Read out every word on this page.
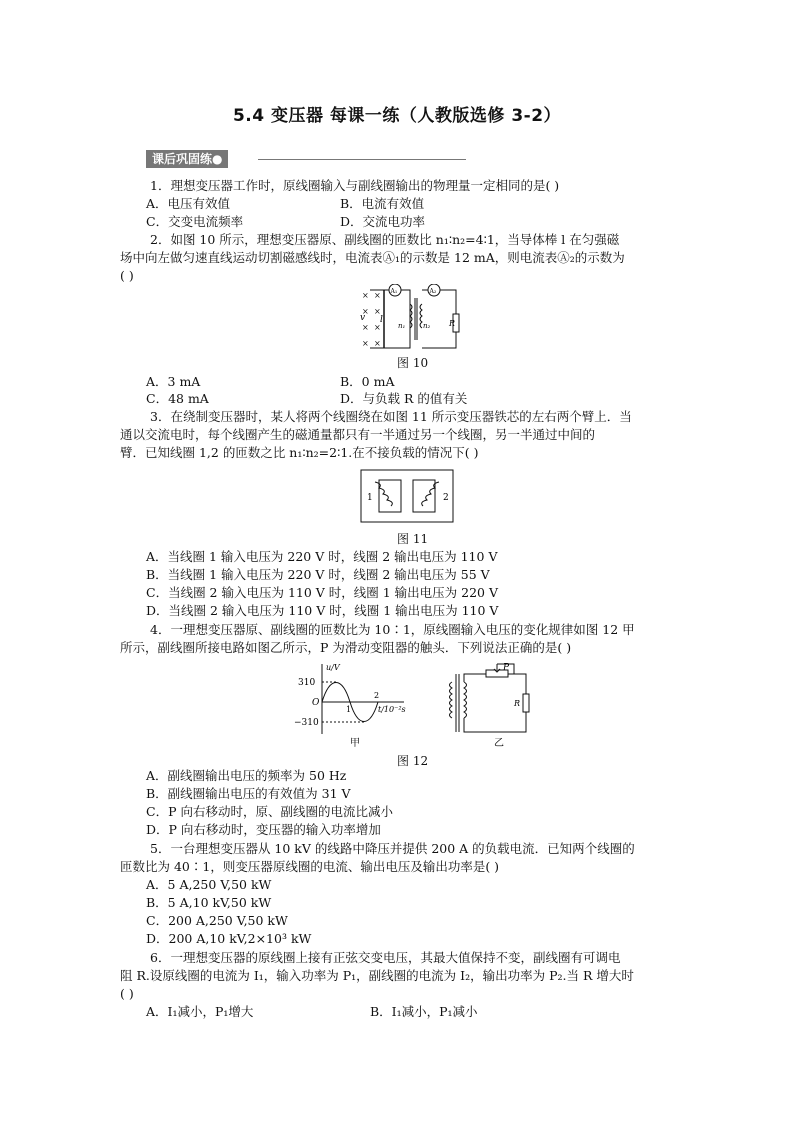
5.4 变压器 每课一练（人教版选修 3-2）
课后巩固练●
1．理想变压器工作时，原线圈输入与副线圈输出的物理量一定相同的是( )
A．电压有效值	B．电流有效值
C．交变电流频率	D．交流电功率
2．如图 10 所示，理想变压器原、副线圈的匝数比 n₁∶n₂=4∶1，当导体棒 l 在匀强磁
场中向左做匀速直线运动切割磁感线时，电流表Ⓐ₁的示数是 12 mA，则电流表Ⓐ₂的示数为
( )
× ×
× ×
× ×
× ×
l
v
A₁
n₁	n₂
A₂
R
图 10
A．3 mA	B．0 mA
C．48 mA	D．与负载 R 的值有关
3．在绕制变压器时，某人将两个线圈绕在如图 11 所示变压器铁芯的左右两个臂上．当
通以交流电时，每个线圈产生的磁通量都只有一半通过另一个线圈，另一半通过中间的
臂．已知线圈 1,2 的匝数之比 n₁∶n₂=2∶1.在不接负载的情况下( )
1	2
图 11
A．当线圈 1 输入电压为 220 V 时，线圈 2 输出电压为 110 V
B．当线圈 1 输入电压为 220 V 时，线圈 2 输出电压为 55 V
C．当线圈 2 输入电压为 110 V 时，线圈 1 输出电压为 220 V
D．当线圈 2 输入电压为 110 V 时，线圈 1 输出电压为 110 V
4．一理想变压器原、副线圈的匝数比为 10∶1，原线圈输入电压的变化规律如图 12 甲
所示，副线圈所接电路如图乙所示，P 为滑动变阻器的触头．下列说法正确的是( )
u/V
310
−310
O
1
2
t/10⁻²s
甲
P
R
乙
图 12
A．副线圈输出电压的频率为 50 Hz
B．副线圈输出电压的有效值为 31 V
C．P 向右移动时，原、副线圈的电流比减小
D．P 向右移动时，变压器的输入功率增加
5．一台理想变压器从 10 kV 的线路中降压并提供 200 A 的负载电流．已知两个线圈的
匝数比为 40∶1，则变压器原线圈的电流、输出电压及输出功率是( )
A．5 A,250 V,50 kW
B．5 A,10 kV,50 kW
C．200 A,250 V,50 kW
D．200 A,10 kV,2×10³ kW
6．一理想变压器的原线圈上接有正弦交变电压，其最大值保持不变，副线圈有可调电
阻 R.设原线圈的电流为 I₁，输入功率为 P₁，副线圈的电流为 I₂，输出功率为 P₂.当 R 增大时
( )
A．I₁减小，P₁增大	B．I₁减小，P₁减小
